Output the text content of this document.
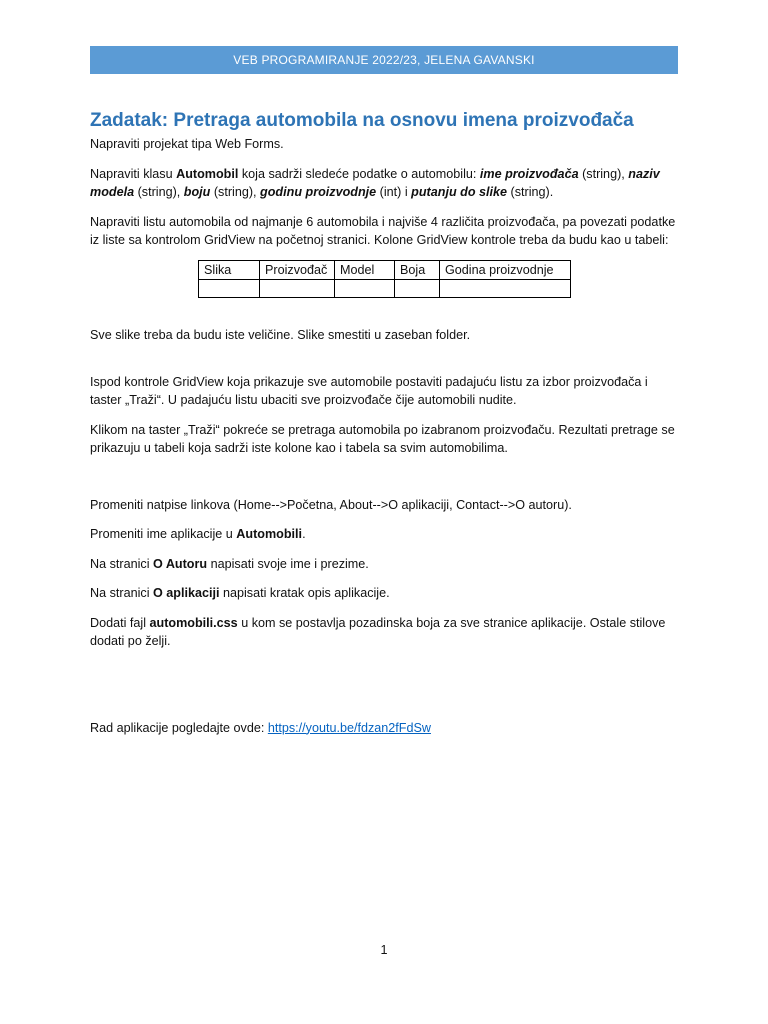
VEB PROGRAMIRANJE 2022/23, JELENA GAVANSKI
Zadatak: Pretraga automobila na osnovu imena proizvođača

Napraviti projekat tipa Web Forms.

Napraviti klasu Automobil koja sadrži sledeće podatke o automobilu: ime proizvođača (string), naziv modela (string), boju (string), godinu proizvodnje (int) i putanju do slike (string).

Napraviti listu automobila od najmanje 6 automobila i najviše 4 različita proizvođača, pa povezati podatke iz liste sa kontrolom GridView na početnoj stranici. Kolone GridView kontrole treba da budu kao u tabeli:

Slika	Proizvođač	Model	Boja	Godina proizvodnje

Sve slike treba da budu iste veličine. Slike smestiti u zaseban folder.

Ispod kontrole GridView koja prikazuje sve automobile postaviti padajuću listu za izbor proizvođača i taster „Traži“. U padajuću listu ubaciti sve proizvođače čije automobili nudite.

Klikom na taster „Traži“ pokreće se pretraga automobila po izabranom proizvođaču. Rezultati pretrage se prikazuju u tabeli koja sadrži iste kolone kao i tabela sa svim automobilima.

Promeniti natpise linkova (Home-->Početna, About-->O aplikaciji, Contact-->O autoru).

Promeniti ime aplikacije u Automobili.

Na stranici O Autoru napisati svoje ime i prezime.

Na stranici O aplikaciji napisati kratak opis aplikacije.

Dodati fajl automobili.css u kom se postavlja pozadinska boja za sve stranice aplikacije. Ostale stilove dodati po želji.

Rad aplikacije pogledajte ovde: https://youtu.be/fdzan2fFdSw

1
